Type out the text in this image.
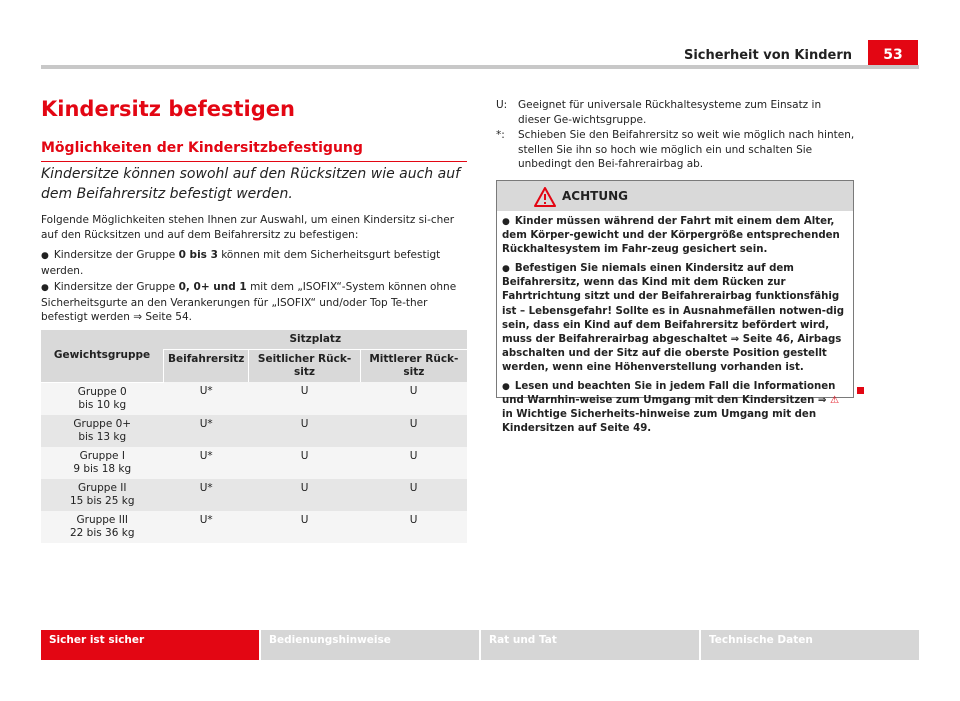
Sicherheit von Kindern	53
Kindersitz befestigen
Möglichkeiten der Kindersitzbefestigung
Kindersitze können sowohl auf den Rücksitzen wie auch auf dem Beifahrersitz befestigt werden.
Folgende Möglichkeiten stehen Ihnen zur Auswahl, um einen Kindersitz si-cher auf den Rücksitzen und auf dem Beifahrersitz zu befestigen:
● Kindersitze der Gruppe 0 bis 3 können mit dem Sicherheitsgurt befestigt werden.
● Kindersitze der Gruppe 0, 0+ und 1 mit dem „ISOFIX“-System können ohne Sicherheitsgurte an den Verankerungen für „ISOFIX“ und/oder Top Te-ther befestigt werden ⇒ Seite 54.
Gewichtsgruppe	Sitzplatz		
	Beifahrersitz	Seitlicher Rück-sitz	Mittlerer Rück-sitz
Gruppe 0
bis 10 kg	U*	U	U
Gruppe 0+
bis 13 kg	U*	U	U
Gruppe I
9 bis 18 kg	U*	U	U
Gruppe II
15 bis 25 kg	U*	U	U
Gruppe III
22 bis 36 kg	U*	U	U
U:	Geeignet für universale Rückhaltesysteme zum Einsatz in dieser Ge-wichtsgruppe.
*:	Schieben Sie den Beifahrersitz so weit wie möglich nach hinten, stellen Sie ihn so hoch wie möglich ein und schalten Sie unbedingt den Bei-fahrerairbag ab.
ACHTUNG

● Kinder müssen während der Fahrt mit einem dem Alter, dem Körper-gewicht und der Körpergröße entsprechenden Rückhaltesystem im Fahr-zeug gesichert sein.

● Befestigen Sie niemals einen Kindersitz auf dem Beifahrersitz, wenn das Kind mit dem Rücken zur Fahrtrichtung sitzt und der Beifahrerairbag funktionsfähig ist – Lebensgefahr! Sollte es in Ausnahmefällen notwen-dig sein, dass ein Kind auf dem Beifahrersitz befördert wird, muss der Beifahrerairbag abgeschaltet ⇒ Seite 46, Airbags abschalten und der Sitz auf die oberste Position gestellt werden, wenn eine Höhenverstellung vorhanden ist.

● Lesen und beachten Sie in jedem Fall die Informationen und Warnhin-weise zum Umgang mit den Kindersitzen ⇒ ⚠ in Wichtige Sicherheits-hinweise zum Umgang mit den Kindersitzen auf Seite 49.

Sicher ist sicher	Bedienungshinweise	Rat und Tat	Technische Daten
